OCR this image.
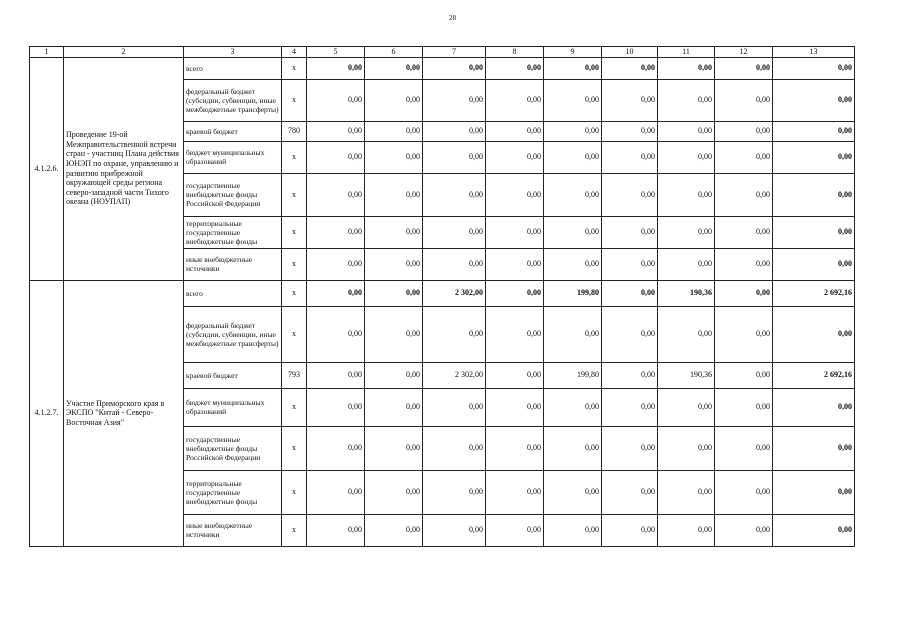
28
1	2	3	4	5	6	7	8	9	10	11	12	13
4.1.2.6.	Проведение 19-ой Межправительственной встречи стран - участниц Плана действия ЮНЭП по охране, управлению и развитию прибрежной окружающей среды региона северо-западной части Тихого океана (НОУПАП)	всего	x	0,00	0,00	0,00	0,00	0,00	0,00	0,00	0,00	0,00
		федеральный бюджет (субсидии, субвенции, иные межбюджетные трансферты)	x	0,00	0,00	0,00	0,00	0,00	0,00	0,00	0,00	0,00
		краевой бюджет	780	0,00	0,00	0,00	0,00	0,00	0,00	0,00	0,00	0,00
		бюджет муниципальных образований	x	0,00	0,00	0,00	0,00	0,00	0,00	0,00	0,00	0,00
		государственные внебюджетные фонды Российской Федерации	x	0,00	0,00	0,00	0,00	0,00	0,00	0,00	0,00	0,00
		территориальные государственные внебюджетные фонды	x	0,00	0,00	0,00	0,00	0,00	0,00	0,00	0,00	0,00
		иные внебюджетные источники	x	0,00	0,00	0,00	0,00	0,00	0,00	0,00	0,00	0,00
4.1.2.7.	Участие Приморского края в ЭКСПО "Китай - Северо-Восточная Азия"	всего	x	0,00	0,00	2 302,00	0,00	199,80	0,00	190,36	0,00	2 692,16
		федеральный бюджет (субсидии, субвенции, иные межбюджетные трансферты)	x	0,00	0,00	0,00	0,00	0,00	0,00	0,00	0,00	0,00
		краевой бюджет	793	0,00	0,00	2 302,00	0,00	199,80	0,00	190,36	0,00	2 692,16
		бюджет муниципальных образований	x	0,00	0,00	0,00	0,00	0,00	0,00	0,00	0,00	0,00
		государственные внебюджетные фонды Российской Федерации	x	0,00	0,00	0,00	0,00	0,00	0,00	0,00	0,00	0,00
		территориальные государственные внебюджетные фонды	x	0,00	0,00	0,00	0,00	0,00	0,00	0,00	0,00	0,00
		иные внебюджетные источники	x	0,00	0,00	0,00	0,00	0,00	0,00	0,00	0,00	0,00
